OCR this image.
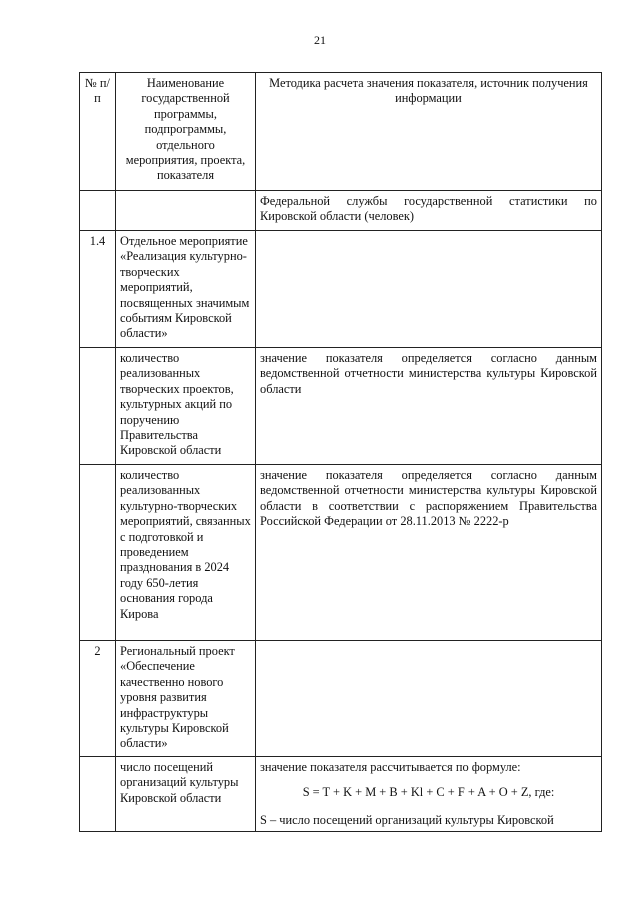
21
№ п/п	Наименование государственной программы, подпрограммы, отдельного мероприятия, проекта, показателя	Методика расчета значения показателя, источник получения информации
		Федеральной службы государственной статистики по Кировской области (человек)
1.4	Отдельное мероприятие «Реализация культурно-творческих мероприятий, посвященных значимым событиям Кировской области»	
	количество реализованных творческих проектов, культурных акций по поручению Правительства Кировской области	значение показателя определяется согласно данным ведомственной отчетности министерства культуры Кировской области
	количество реализованных культурно-творческих мероприятий, связанных с подготовкой и проведением празднования в 2024 году 650-летия основания города Кирова	значение показателя определяется согласно данным ведомственной отчетности министерства культуры Кировской области в соответствии с распоряжением Правительства Российской Федерации от 28.11.2013 № 2222-р
2	Региональный проект «Обеспечение качественно нового уровня развития инфраструктуры культуры Кировской области»	
	число посещений организаций культуры Кировской области	значение показателя рассчитывается по формуле:
S = T + K + M + B + Kl + C + F + A + O + Z, где:
S – число посещений организаций культуры Кировской
